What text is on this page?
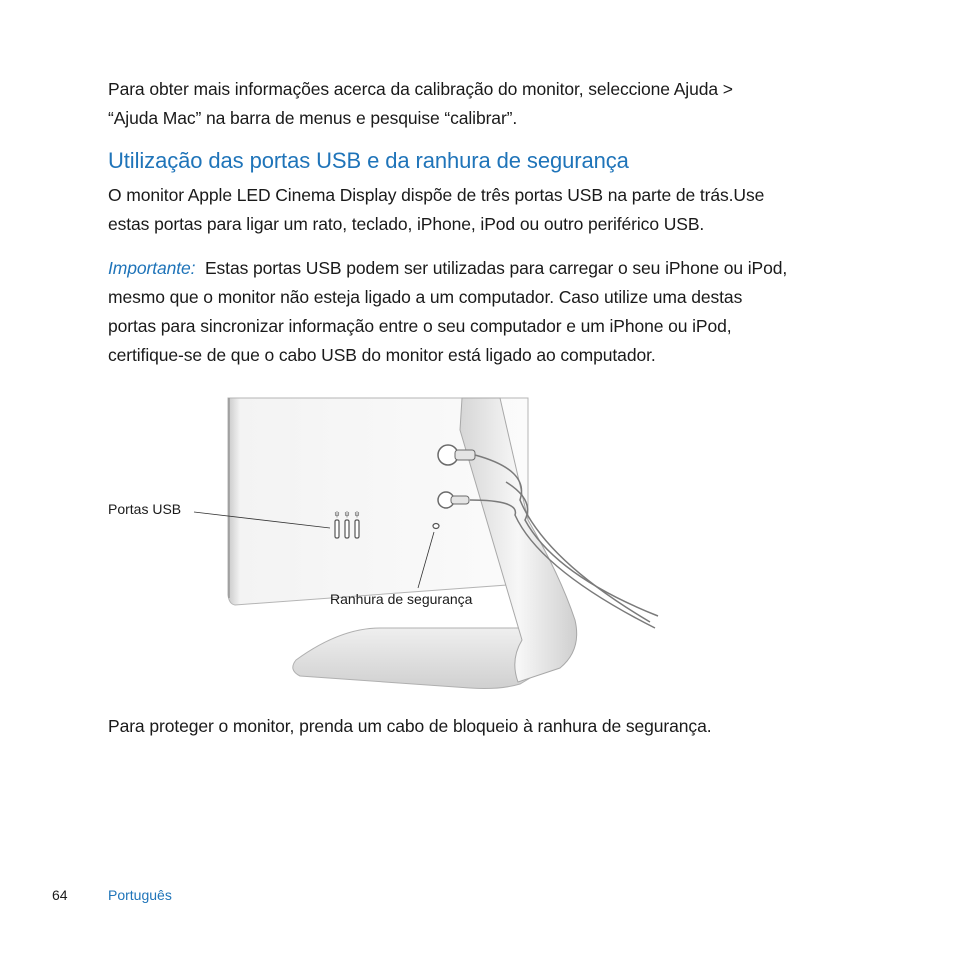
Para obter mais informações acerca da calibração do monitor, seleccione Ajuda >
“Ajuda Mac” na barra de menus e pesquise “calibrar”.

Utilização das portas USB e da ranhura de segurança

O monitor Apple LED Cinema Display dispõe de três portas USB na parte de trás.Use
estas portas para ligar um rato, teclado, iPhone, iPod ou outro periférico USB.

Importante: Estas portas USB podem ser utilizadas para carregar o seu iPhone ou iPod,
mesmo que o monitor não esteja ligado a um computador. Caso utilize uma destas
portas para sincronizar informação entre o seu computador e um iPhone ou iPod,
certifique-se de que o cabo USB do monitor está ligado ao computador.

ψ ψ ψ
Portas USB
Ranhura de segurança

Para proteger o monitor, prenda um cabo de bloqueio à ranhura de segurança.

64	Português
